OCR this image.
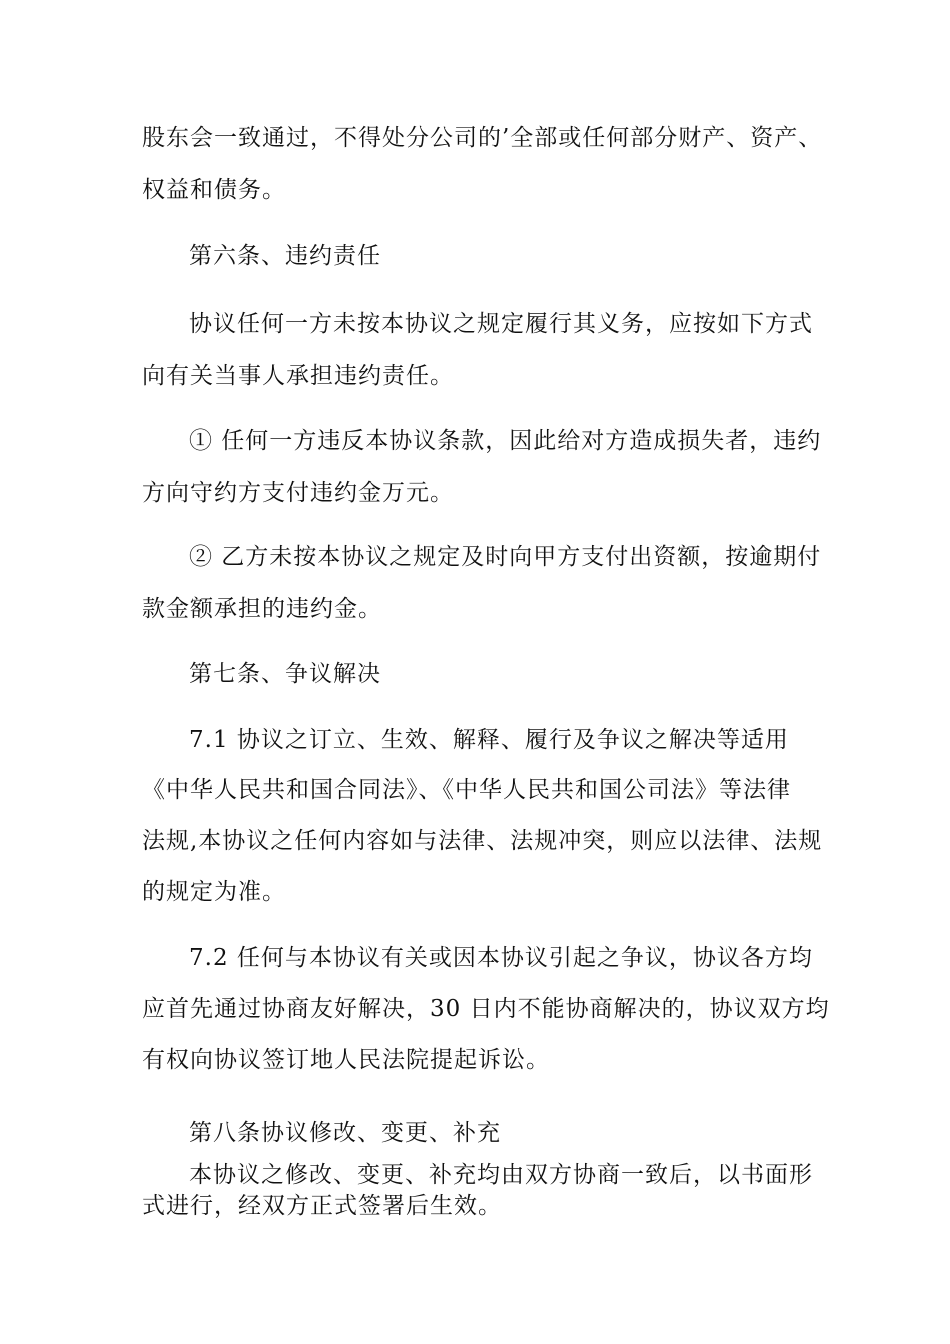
股东会一致通过，不得处分公司的’全部或任何部分财产、资产、
权益和债务。
第六条、违约责任
协议任何一方未按本协议之规定履行其义务，应按如下方式
向有关当事人承担违约责任。
① 任何一方违反本协议条款，因此给对方造成损失者，违约
方向守约方支付违约金万元。
② 乙方未按本协议之规定及时向甲方支付出资额，按逾期付
款金额承担的违约金。
第七条、争议解决
7.1 协议之订立、生效、解释、履行及争议之解决等适用
《中华人民共和国合同法》、《中华人民共和国公司法》等法律
法规,本协议之任何内容如与法律、法规冲突，则应以法律、法规
的规定为准。
7.2 任何与本协议有关或因本协议引起之争议，协议各方均
应首先通过协商友好解决，30 日内不能协商解决的，协议双方均
有权向协议签订地人民法院提起诉讼。
第八条协议修改、变更、补充
本协议之修改、变更、补充均由双方协商一致后，以书面形
式进行，经双方正式签署后生效。
